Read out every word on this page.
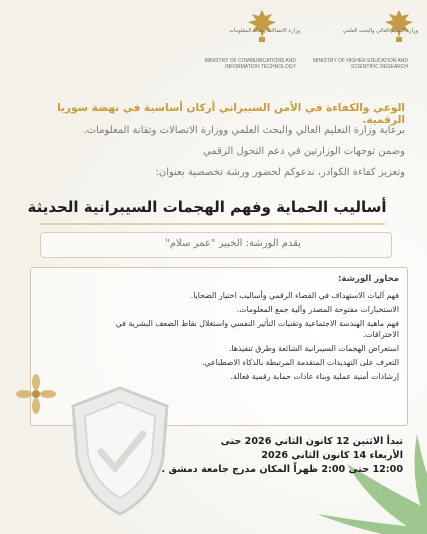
وزارة الاتصالات وتقانة المعلومات
MINISTRY OF COMMUNICATIONS AND
INFORMATION TECHNOLOGY
وزارة التعليم العالي والبحث العلمي
MINISTRY OF HIGHER EDUCATION AND
SCIENTIFIC RESEARCH
الوعي والكفاءة في الأمن السيبراني أركان أساسية في نهضة سوريا الرقمية.
برعاية وزارة التعليم العالي والبحث العلمي ووزارة الاتصالات وتقانة المعلومات.
وضمن توجهات الوزارتين في دعم التحول الرقمي
وتعزيز كفاءة الكوادر، ندعوكم لحضور ورشة تخصصية بعنوان:
أساليب الحماية وفهم الهجمات السيبرانية الحديثة
يقدم الورشة: الخبير "عمر سلام"
محاور الورشة:
فهم آليات الاستهداف في الفضاء الرقمي وأساليب اختيار الضحايا.
الاستخبارات مفتوحة المصدر وآلية جمع المعلومات.
فهم ماهية الهندسة الاجتماعية وتقنيات التأثير النفسي واستغلال نقاط الضعف البشرية في الاختراقات.
استعراض الهجمات السيبرانية الشائعة وطرق تنفيذها.
التعرف على التهديدات المتقدمة المرتبطة بالذكاء الاصطناعي.
إرشادات أمنية عملية وبناء عادات حماية رقمية فعالة.
تبدأ الاثنين 12 كانون الثاني 2026 حتى
الأربعاء 14 كانون الثاني 2026
12:00 حتى 2:00 ظهراً المكان مدرج جامعة دمشق .
